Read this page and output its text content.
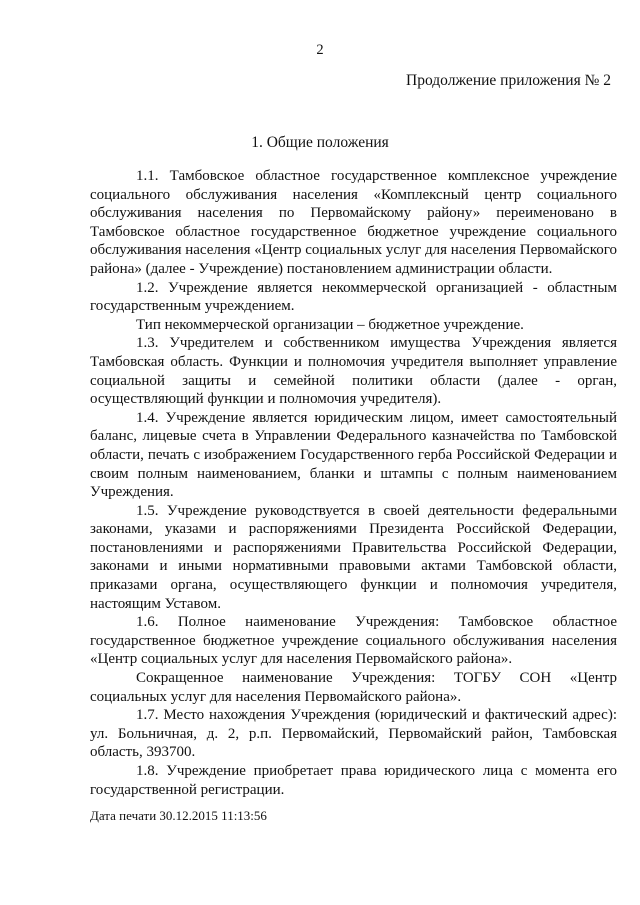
2
Продолжение приложения № 2
1. Общие положения

1.1. Тамбовское областное государственное комплексное учреждение социального обслуживания населения «Комплексный центр социального обслуживания населения по Первомайскому району» переименовано в Тамбовское областное государственное бюджетное учреждение социального обслуживания населения «Центр социальных услуг для населения Первомайского района» (далее - Учреждение) постановлением администрации области.

1.2. Учреждение является некоммерческой организацией - областным государственным учреждением.

Тип некоммерческой организации – бюджетное учреждение.

1.3. Учредителем и собственником имущества Учреждения является Тамбовская область. Функции и полномочия учредителя выполняет управление социальной защиты и семейной политики области (далее - орган, осуществляющий функции и полномочия учредителя).

1.4. Учреждение является юридическим лицом, имеет самостоятельный баланс, лицевые счета в Управлении Федерального казначейства по Тамбовской области, печать с изображением Государственного герба Российской Федерации и своим полным наименованием, бланки и штампы с полным наименованием Учреждения.

1.5. Учреждение руководствуется в своей деятельности федеральными законами, указами и распоряжениями Президента Российской Федерации, постановлениями и распоряжениями Правительства Российской Федерации, законами и иными нормативными правовыми актами Тамбовской области, приказами органа, осуществляющего функции и полномочия учредителя, настоящим Уставом.

1.6. Полное наименование Учреждения: Тамбовское областное государственное бюджетное учреждение социального обслуживания населения «Центр социальных услуг для населения Первомайского района».

Сокращенное наименование Учреждения: ТОГБУ СОН «Центр социальных услуг для населения Первомайского района».

1.7. Место нахождения Учреждения (юридический и фактический адрес): ул. Больничная, д. 2, р.п. Первомайский, Первомайский район, Тамбовская область, 393700.

1.8. Учреждение приобретает права юридического лица с момента его государственной регистрации.

Дата печати 30.12.2015 11:13:56
